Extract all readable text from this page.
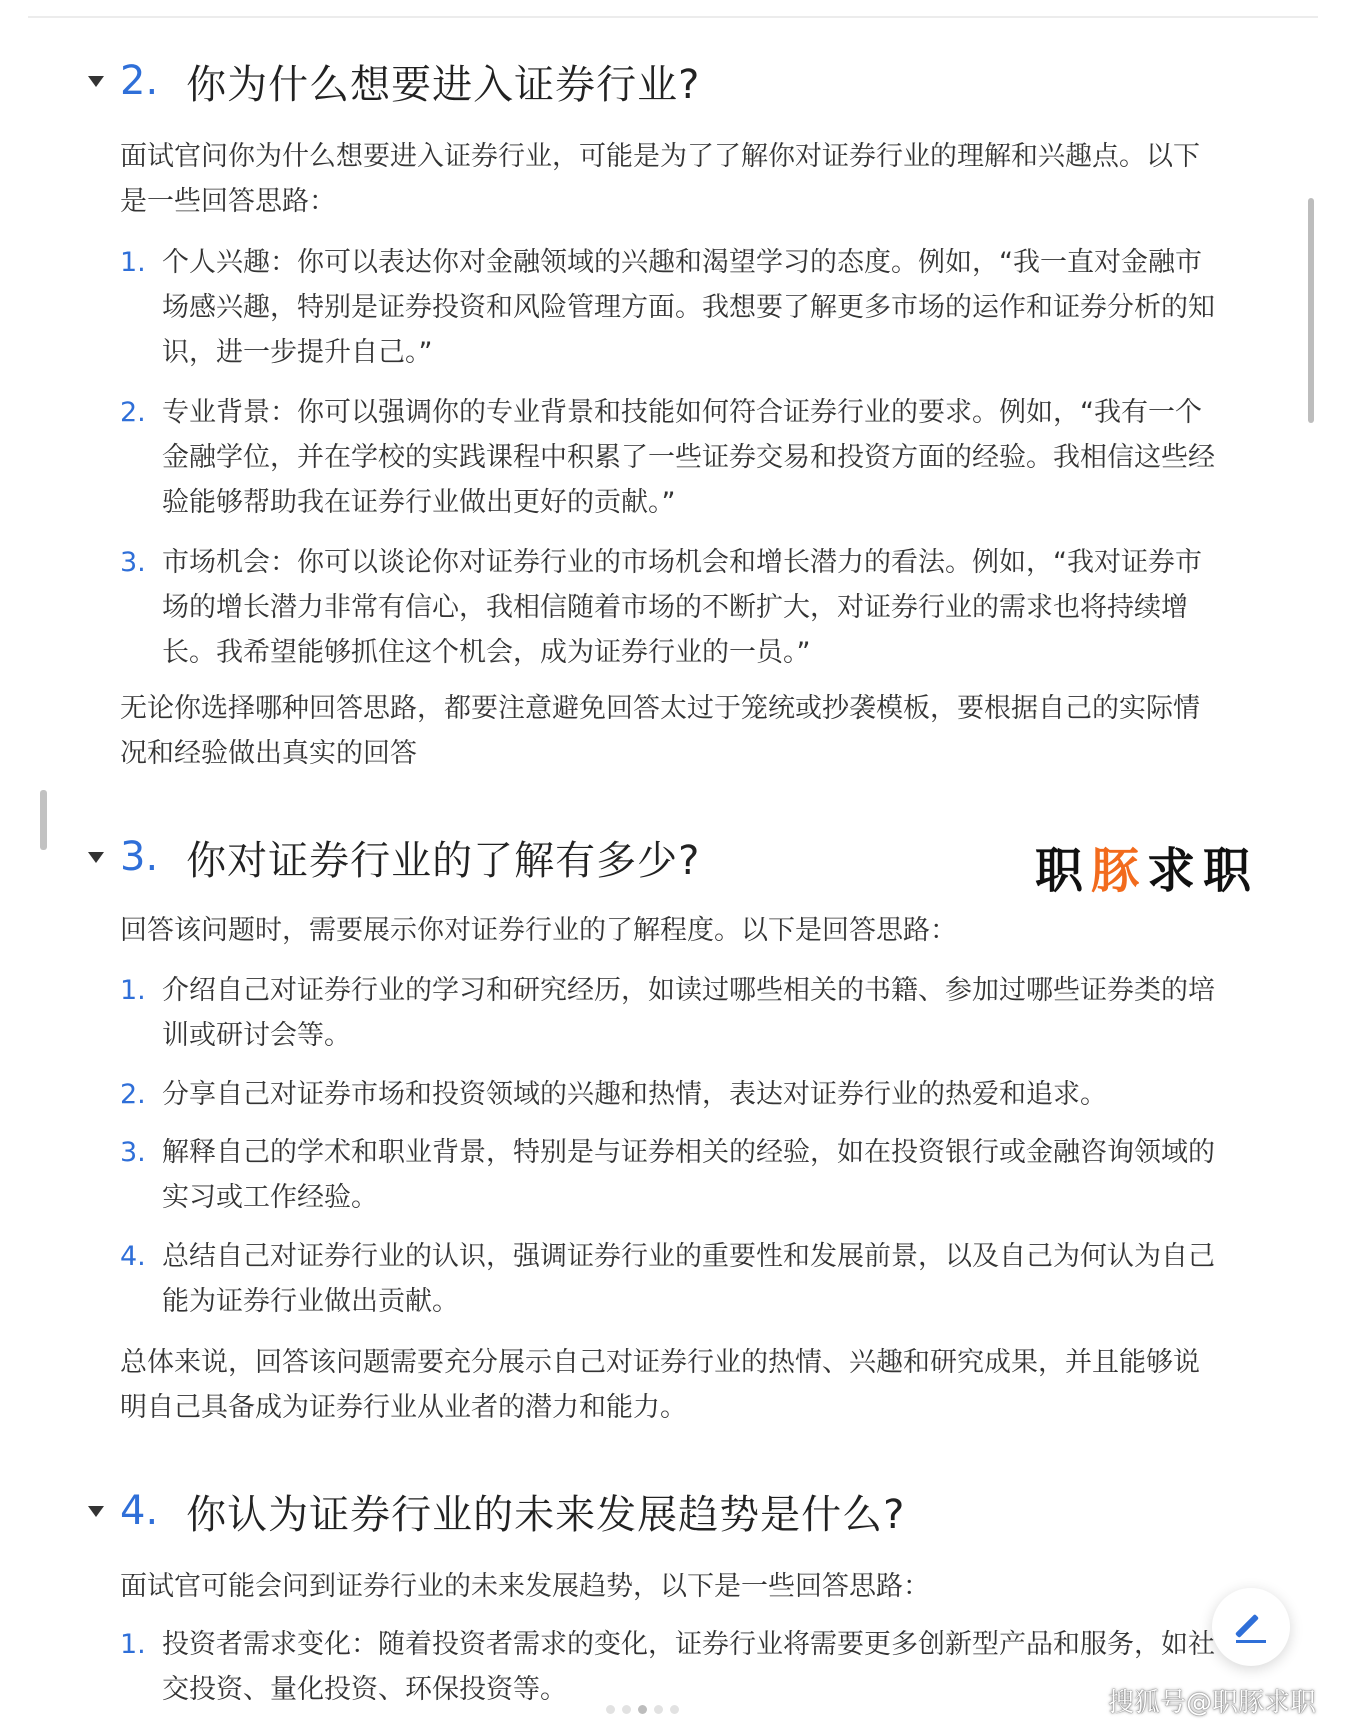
2. 你为什么想要进入证券行业?

面试官问你为什么想要进入证券行业，可能是为了了解你对证券行业的理解和兴趣点。以下是一些回答思路：

1. 个人兴趣：你可以表达你对金融领域的兴趣和渴望学习的态度。例如，“我一直对金融市场感兴趣，特别是证券投资和风险管理方面。我想要了解更多市场的运作和证券分析的知识，进一步提升自己。”
2. 专业背景：你可以强调你的专业背景和技能如何符合证券行业的要求。例如，“我有一个金融学位，并在学校的实践课程中积累了一些证券交易和投资方面的经验。我相信这些经验能够帮助我在证券行业做出更好的贡献。”
3. 市场机会：你可以谈论你对证券行业的市场机会和增长潜力的看法。例如，“我对证券市场的增长潜力非常有信心，我相信随着市场的不断扩大，对证券行业的需求也将持续增长。我希望能够抓住这个机会，成为证券行业的一员。”

无论你选择哪种回答思路，都要注意避免回答太过于笼统或抄袭模板，要根据自己的实际情况和经验做出真实的回答

3. 你对证券行业的了解有多少?

回答该问题时，需要展示你对证券行业的了解程度。以下是回答思路：

1. 介绍自己对证券行业的学习和研究经历，如读过哪些相关的书籍、参加过哪些证券类的培训或研讨会等。
2. 分享自己对证券市场和投资领域的兴趣和热情，表达对证券行业的热爱和追求。
3. 解释自己的学术和职业背景，特别是与证券相关的经验，如在投资银行或金融咨询领域的实习或工作经验。
4. 总结自己对证券行业的认识，强调证券行业的重要性和发展前景，以及自己为何认为自己能为证券行业做出贡献。

总体来说，回答该问题需要充分展示自己对证券行业的热情、兴趣和研究成果，并且能够说明自己具备成为证券行业从业者的潜力和能力。

4. 你认为证券行业的未来发展趋势是什么?

面试官可能会问到证券行业的未来发展趋势，以下是一些回答思路：

1. 投资者需求变化：随着投资者需求的变化，证券行业将需要更多创新型产品和服务，如社交投资、量化投资、环保投资等。
职豚求职
搜狐号@职豚求职
